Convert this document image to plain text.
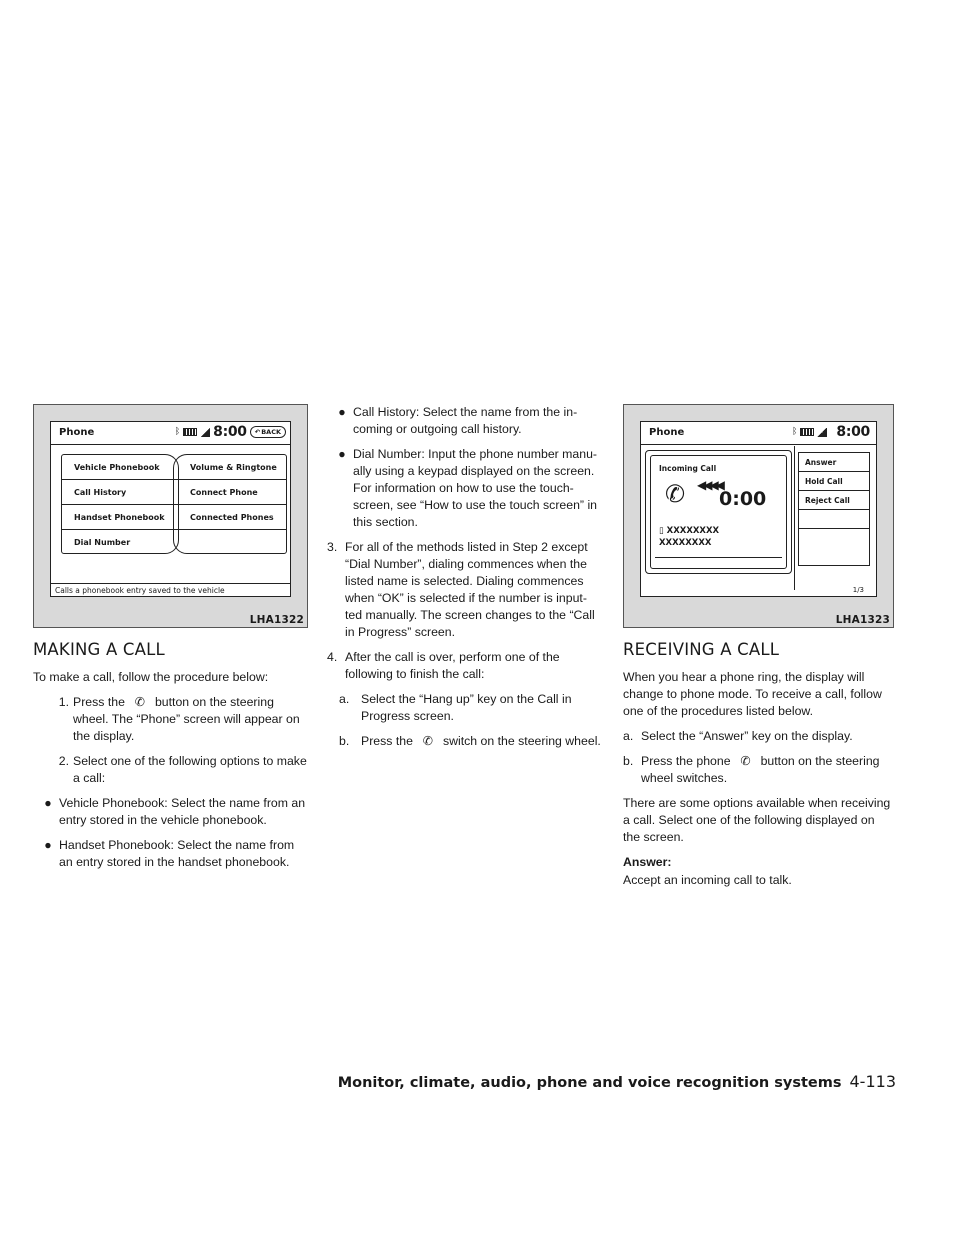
Phone	ᛒ 8:00 ↶ BACK
Vehicle Phonebook
Call History
Handset Phonebook
Dial Number
Volume & Ringtone
Connect Phone
Connected Phones
Calls a phonebook entry saved to the vehicle
LHA1322
MAKING A CALL

To make a call, follow the procedure below:

1. Press the ✆ button on the steering wheel. The “Phone” screen will appear on the display.
2. Select one of the following options to make a call:
● Vehicle Phonebook: Select the name from an entry stored in the vehicle phonebook.
● Handset Phonebook: Select the name from an entry stored in the handset phonebook.
● Call History: Select the name from the in-coming or outgoing call history.
● Dial Number: Input the phone number manu-ally using a keypad displayed on the screen. For information on how to use the touch-screen, see “How to use the touch screen” in this section.
3. For all of the methods listed in Step 2 except “Dial Number”, dialing commences when the listed name is selected. Dialing commences when “OK” is selected if the number is input-ted manually. The screen changes to the “Call in Progress” screen.
4. After the call is over, perform one of the following to finish the call:
a. Select the “Hang up” key on the Call in Progress screen.
b. Press the ✆ switch on the steering wheel.
Phone	ᛒ	8:00
Incoming Call
✆ ◀◀◀◀
0:00
▯ XXXXXXXX
XXXXXXXX
Answer
Hold Call
Reject Call
1/3
LHA1323
RECEIVING A CALL

When you hear a phone ring, the display will change to phone mode. To receive a call, follow one of the procedures listed below.

a. Select the “Answer” key on the display.
b. Press the phone ✆ button on the steering wheel switches.

There are some options available when receiving a call. Select one of the following displayed on the screen.

Answer:

Accept an incoming call to talk.

Monitor, climate, audio, phone and voice recognition systems 4-113
